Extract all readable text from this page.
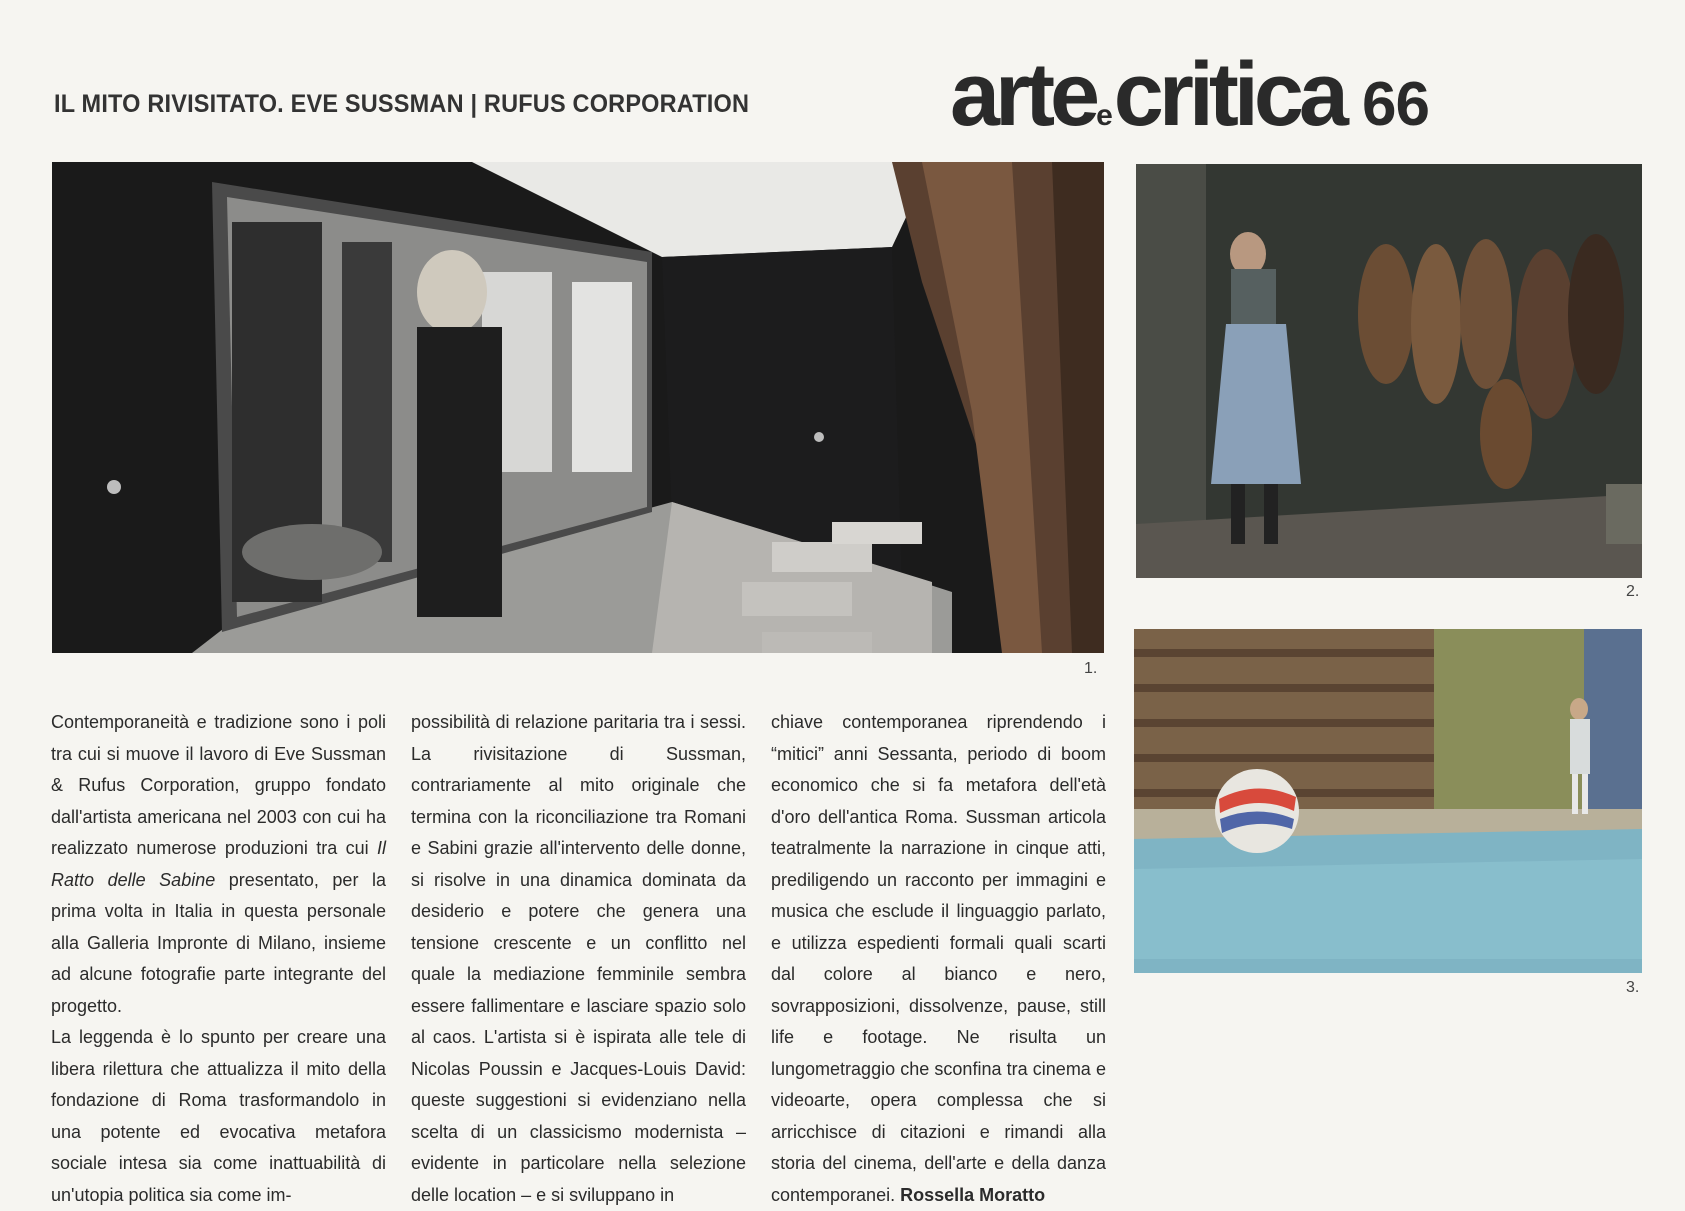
IL MITO RIVISITATO. EVE SUSSMAN | RUFUS CORPORATION arteecritica 66
1.
2.
3.

Contemporaneità e tradizione sono i poli tra cui si muove il lavoro di Eve Sussman & Rufus Corporation, gruppo fondato dall'artista americana nel 2003 con cui ha realizzato numerose produzioni tra cui Il Ratto delle Sabine presentato, per la prima volta in Italia in questa personale alla Galleria Impronte di Milano, insieme ad alcune fotografie parte integrante del progetto.

La leggenda è lo spunto per creare una libera rilettura che attualizza il mito della fondazione di Roma trasformandolo in una potente ed evocativa metafora sociale intesa sia come inattuabilità di un'utopia politica sia come im-

possibilità di relazione paritaria tra i sessi. La rivisitazione di Sussman, contrariamente al mito originale che termina con la riconciliazione tra Romani e Sabini grazie all'intervento delle donne, si risolve in una dinamica dominata da desiderio e potere che genera una tensione crescente e un conflitto nel quale la mediazione femminile sembra essere fallimentare e lasciare spazio solo al caos. L'artista si è ispirata alle tele di Nicolas Poussin e Jacques-Louis David: queste suggestioni si evidenziano nella scelta di un classicismo modernista – evidente in particolare nella selezione delle location – e si sviluppano in

chiave contemporanea riprendendo i “mitici” anni Sessanta, periodo di boom economico che si fa metafora dell'età d'oro dell'antica Roma. Sussman articola teatralmente la narrazione in cinque atti, prediligendo un racconto per immagini e musica che esclude il linguaggio parlato, e utilizza espedienti formali quali scarti dal colore al bianco e nero, sovrapposizioni, dissolvenze, pause, still life e footage. Ne risulta un lungometraggio che sconfina tra cinema e videoarte, opera complessa che si arricchisce di citazioni e rimandi alla storia del cinema, dell'arte e della danza contemporanei. Rossella Moratto
